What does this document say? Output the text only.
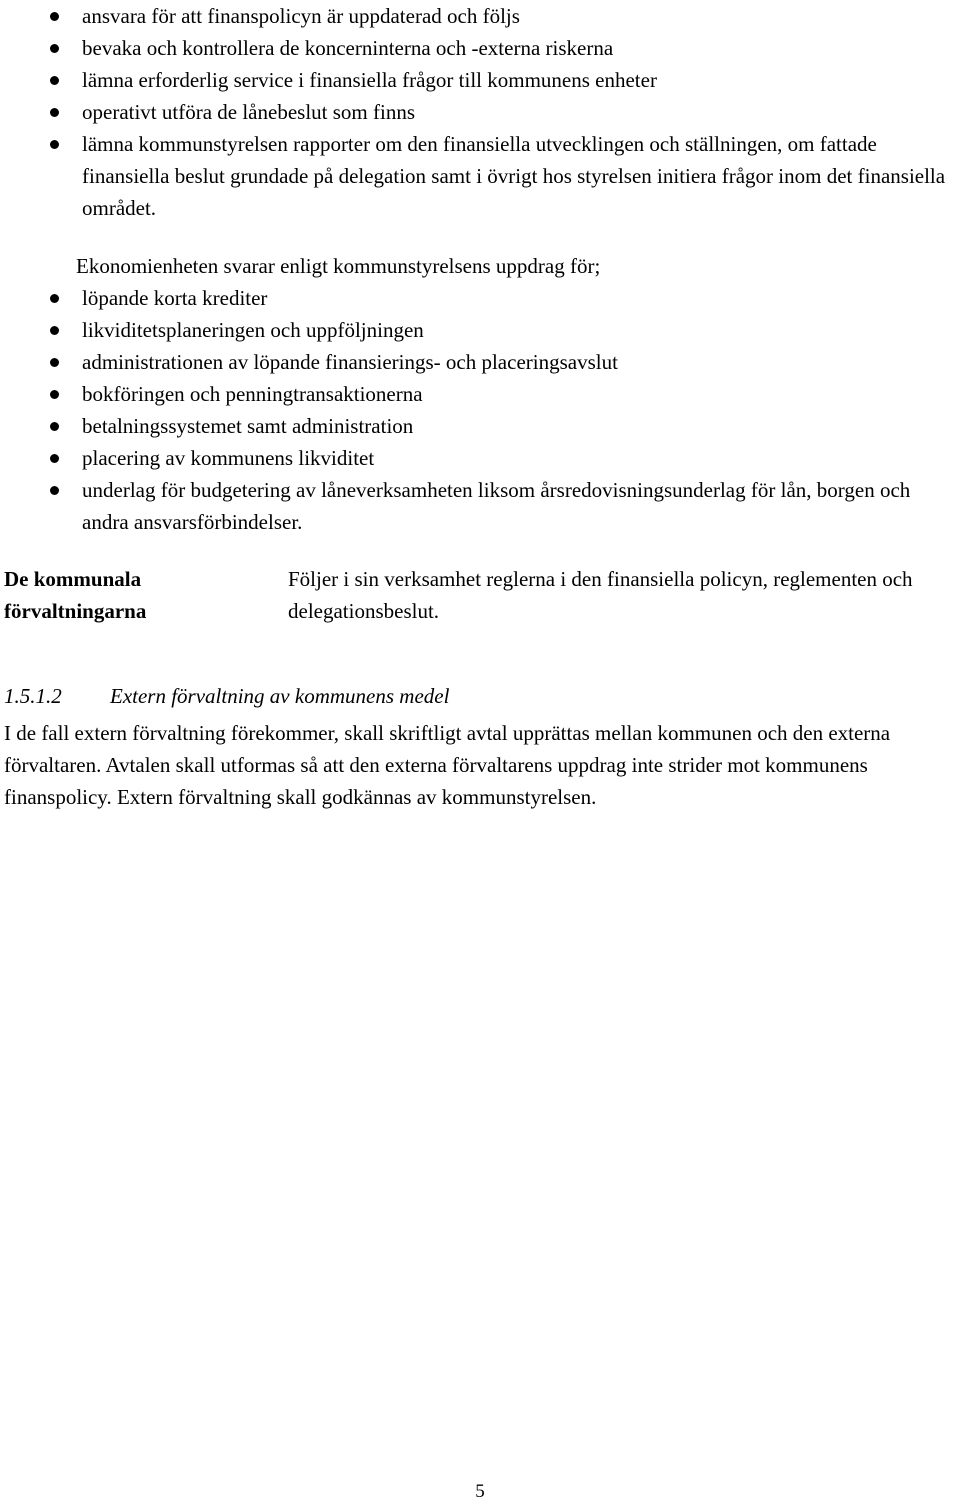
ansvara för att finanspolicyn är uppdaterad och följs
bevaka och kontrollera de koncerninterna och -externa riskerna
lämna erforderlig service i finansiella frågor till kommunens enheter
operativt utföra de lånebeslut som finns
lämna kommunstyrelsen rapporter om den finansiella utvecklingen och ställningen, om fattade finansiella beslut grundade på delegation samt i övrigt hos styrelsen initiera frågor inom det finansiella området.

Ekonomienheten svarar enligt kommunstyrelsens uppdrag för;

löpande korta krediter
likviditetsplaneringen och uppföljningen
administrationen av löpande finansierings- och placeringsavslut
bokföringen och penningtransaktionerna
betalningssystemet samt administration
placering av kommunens likviditet
underlag för budgetering av låneverksamheten liksom årsredovisningsunderlag för lån, borgen och andra ansvarsförbindelser.

De kommunala förvaltningarna

Följer i sin verksamhet reglerna i den finansiella policyn, reglementen och delegationsbeslut.

1.5.1.2 Extern förvaltning av kommunens medel

I de fall extern förvaltning förekommer, skall skriftligt avtal upprättas mellan kommunen och den externa förvaltaren. Avtalen skall utformas så att den externa förvaltarens uppdrag inte strider mot kommunens finanspolicy. Extern förvaltning skall godkännas av kommunstyrelsen.

5
